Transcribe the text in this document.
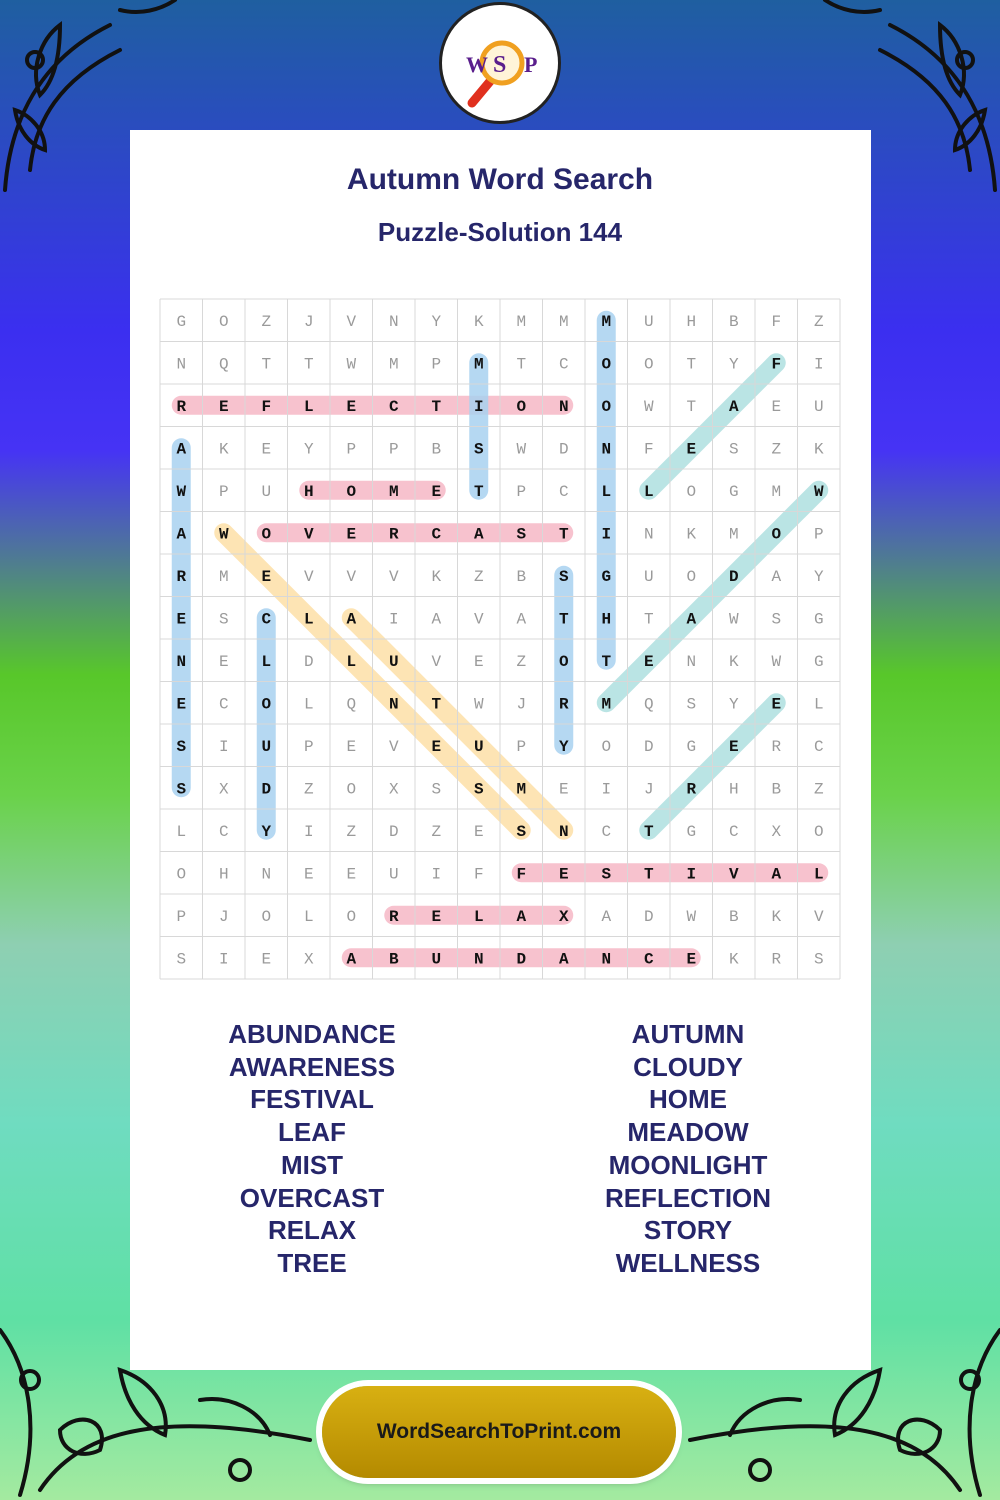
W S P
Autumn Word Search
Puzzle-Solution 144
G O Z J V N Y K M M M U H B F Z
N Q T T W M P M T C O O T Y F I
R E F L E C T I O N O W T A E U
A K E Y P P B S W D N F E S Z K
W P U H O M E T P C L L O G M W
A W O V E R C A S T I N K M O P
R M E V V V K Z B S G U O D A Y
E S C L A I A V A T H T A W S G
N E L D L U V E Z O T E N K W G
E C O L Q N T W J R M Q S Y E L
S I U P E V E U P Y O D G E R C
S X D Z O X S S M E I J R H B Z
L C Y I Z D Z E S N C T G C X O
O H N E E U I F F E S T I V A L
P J O L O R E L A X A D W B K V
S I E X A B U N D A N C E K R S
ABUNDANCE
AWARENESS
FESTIVAL
LEAF
MIST
OVERCAST
RELAX
TREE
AUTUMN
CLOUDY
HOME
MEADOW
MOONLIGHT
REFLECTION
STORY
WELLNESS
WordSearchToPrint.com
